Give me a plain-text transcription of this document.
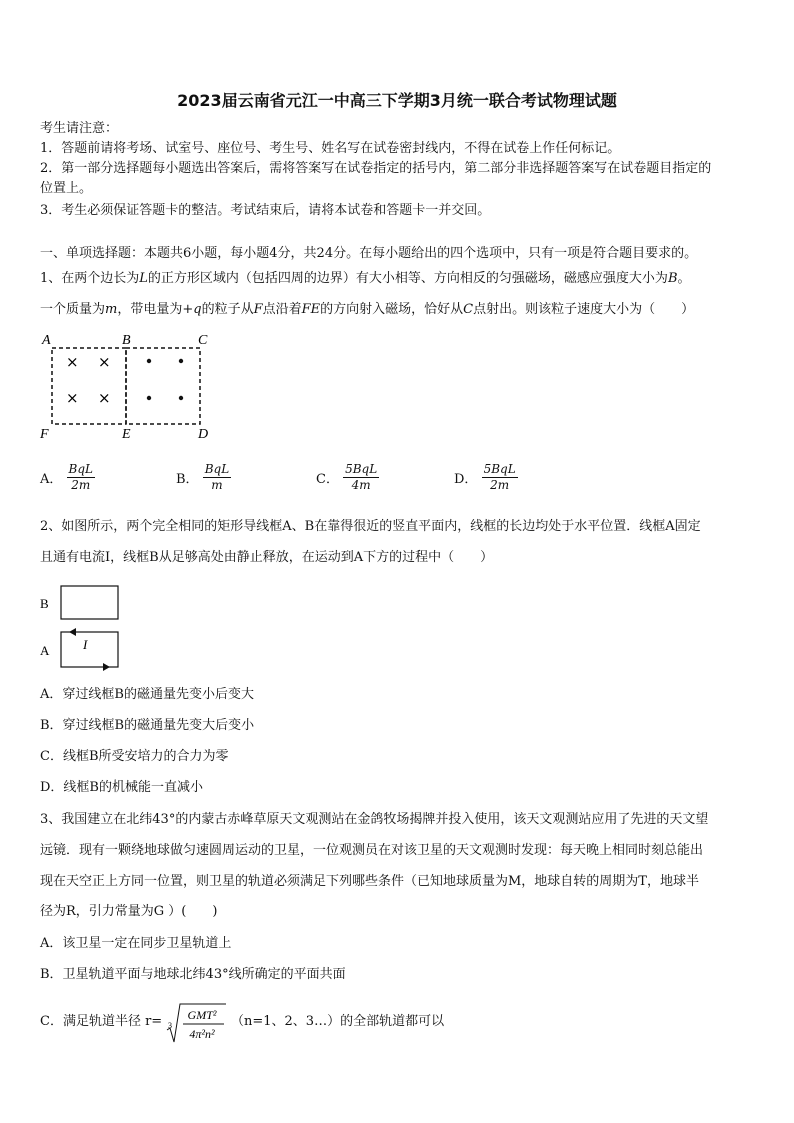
2023届云南省元江一中高三下学期3月统一联合考试物理试题
考生请注意：
1．答题前请将考场、试室号、座位号、考生号、姓名写在试卷密封线内，不得在试卷上作任何标记。
2．第一部分选择题每小题选出答案后，需将答案写在试卷指定的括号内，第二部分非选择题答案写在试卷题目指定的
位置上。
3．考生必须保证答题卡的整洁。考试结束后，请将本试卷和答题卡一并交回。
一、单项选择题：本题共6小题，每小题4分，共24分。在每小题给出的四个选项中，只有一项是符合题目要求的。
1、在两个边长为L的正方形区域内（包括四周的边界）有大小相等、方向相反的匀强磁场，磁感应强度大小为B。
一个质量为m，带电量为+q的粒子从F点沿着FE的方向射入磁场，恰好从C点射出。则该粒子速度大小为（　　）
A	B	C
F	E	D
× ×
× ×
A． $\frac{\text{BqL}}{2m}$	B． $\frac{\text{BqL}}{m}$	C． $\frac{\text{5BqL}}{4m}$	D． $\frac{\text{5BqL}}{2m}$
2、如图所示，两个完全相同的矩形导线框A、B在靠得很近的竖直平面内，线框的长边均处于水平位置．线框A固定
且通有电流I，线框B从足够高处由静止释放，在运动到A下方的过程中（　　）
B
A	I
A．穿过线框B的磁通量先变小后变大
B．穿过线框B的磁通量先变大后变小
C．线框B所受安培力的合力为零
D．线框B的机械能一直减小
3、我国建立在北纬43°的内蒙古赤峰草原天文观测站在金鸽牧场揭牌并投入使用，该天文观测站应用了先进的天文望
远镜．现有一颗绕地球做匀速圆周运动的卫星，一位观测员在对该卫星的天文观测时发现：每天晚上相同时刻总能出
现在天空正上方同一位置，则卫星的轨道必须满足下列哪些条件（已知地球质量为M，地球自转的周期为T，地球半
径为R，引力常量为G ）(　　)
A．该卫星一定在同步卫星轨道上
B．卫星轨道平面与地球北纬43°线所确定的平面共面
C．满足轨道半径 r= 3
GMT²
4π²n²
（n=1、2、3…）的全部轨道都可以
